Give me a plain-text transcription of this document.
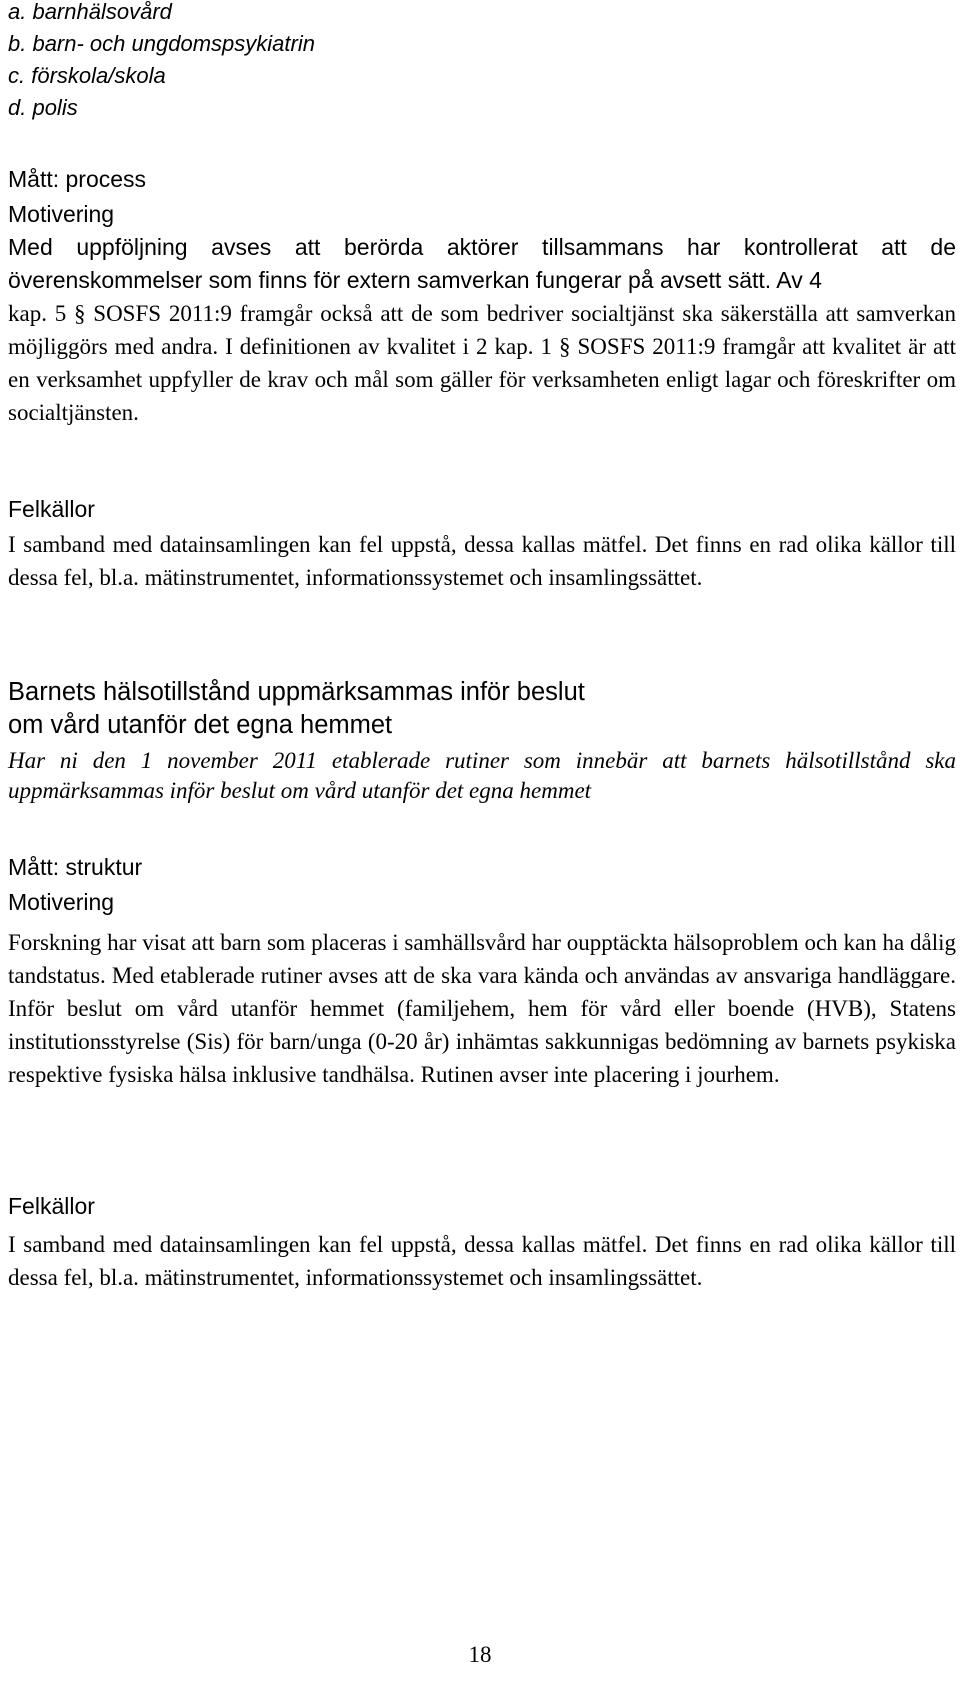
a. barnhälsovård
b. barn- och ungdomspsykiatrin
c. förskola/skola
d. polis
Mått: process
Motivering
Med uppföljning avses att berörda aktörer tillsammans har kontrollerat att de överenskommelser som finns för extern samverkan fungerar på avsett sätt. Av 4
kap. 5 § SOSFS 2011:9 framgår också att de som bedriver socialtjänst ska säkerställa att samverkan möjliggörs med andra. I definitionen av kvalitet i 2 kap. 1 § SOSFS 2011:9 framgår att kvalitet är att en verksamhet uppfyller de krav och mål som gäller för verksamheten enligt lagar och föreskrifter om socialtjänsten.
Felkällor
I samband med datainsamlingen kan fel uppstå, dessa kallas mätfel. Det finns en rad olika källor till dessa fel, bl.a. mätinstrumentet, informationssystemet och insamlingssättet.
Barnets hälsotillstånd uppmärksammas inför beslut
om vård utanför det egna hemmet
Har ni den 1 november 2011 etablerade rutiner som innebär att barnets hälsotillstånd ska uppmärksammas inför beslut om vård utanför det egna hemmet
Mått: struktur
Motivering
Forskning har visat att barn som placeras i samhällsvård har oupptäckta hälsoproblem och kan ha dålig tandstatus. Med etablerade rutiner avses att de ska vara kända och användas av ansvariga handläggare. Inför beslut om vård utanför hemmet (familjehem, hem för vård eller boende (HVB), Statens institutionsstyrelse (Sis) för barn/unga (0-20 år) inhämtas sakkunnigas bedömning av barnets psykiska respektive fysiska hälsa inklusive tandhälsa. Rutinen avser inte placering i jourhem.
Felkällor
I samband med datainsamlingen kan fel uppstå, dessa kallas mätfel. Det finns en rad olika källor till dessa fel, bl.a. mätinstrumentet, informationssystemet och insamlingssättet.
18
